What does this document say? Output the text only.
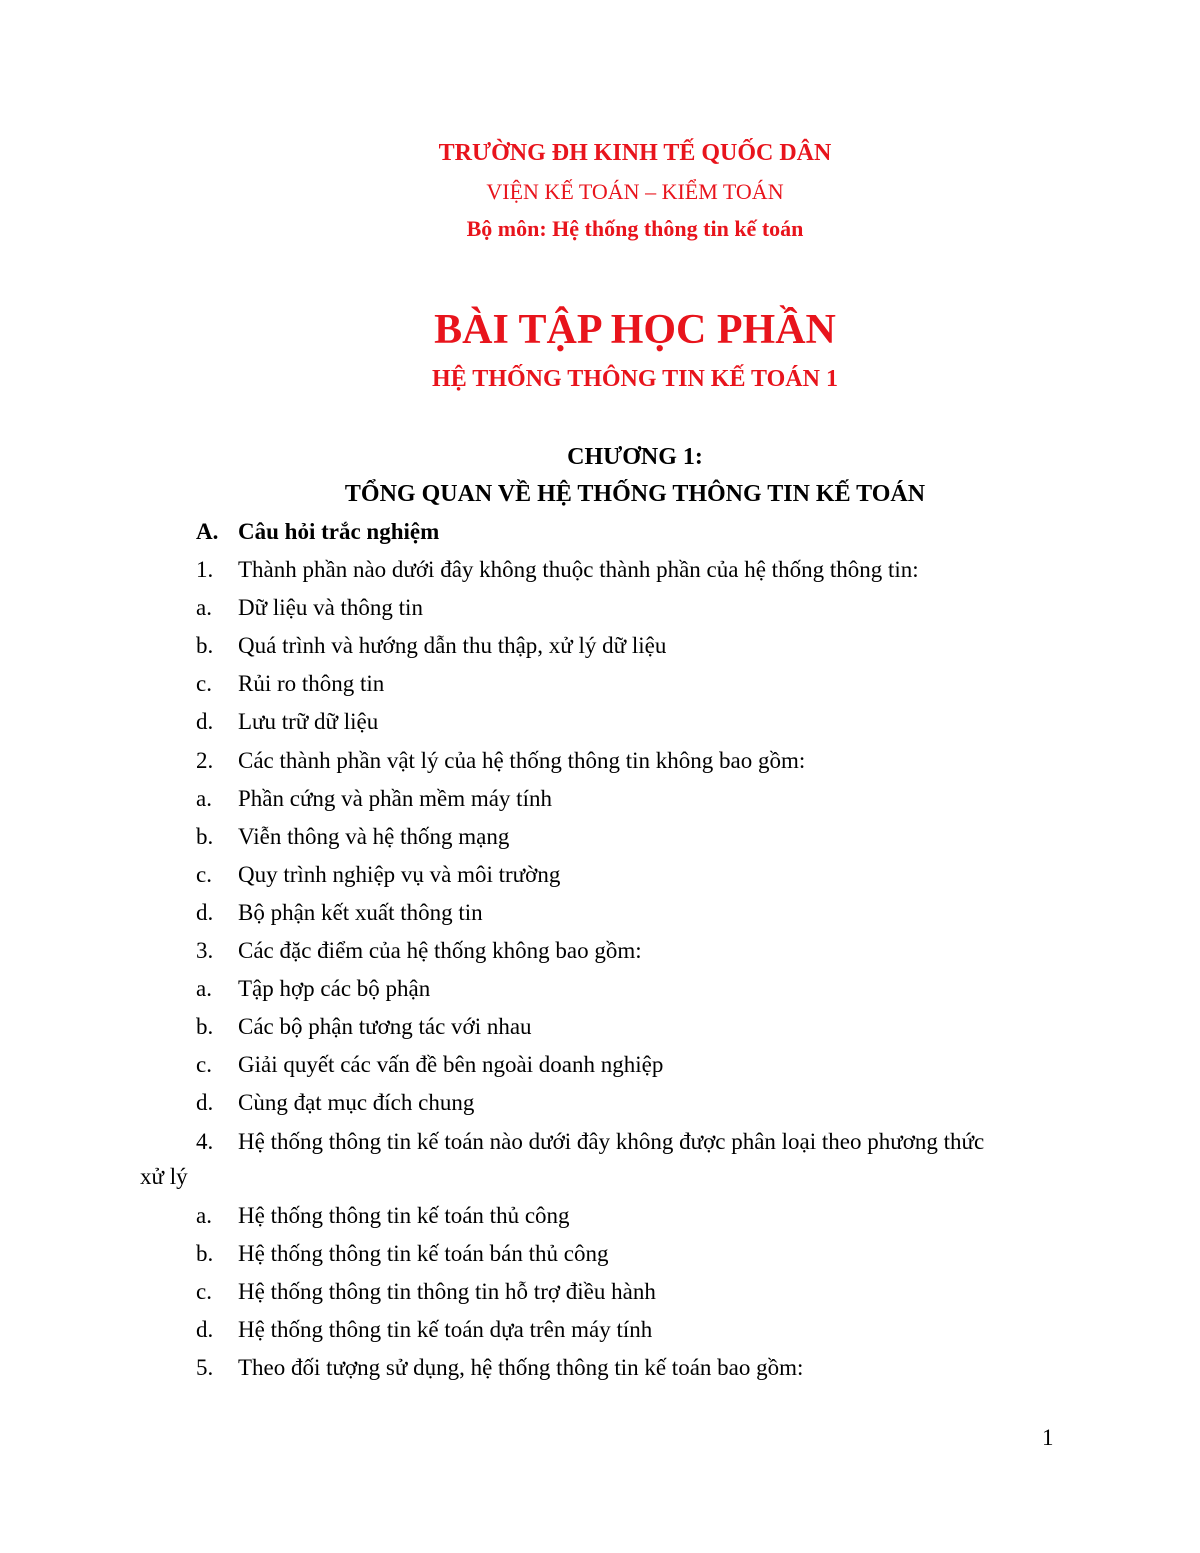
TRƯỜNG ĐH KINH TẾ QUỐC DÂN
VIỆN KẾ TOÁN – KIỂM TOÁN
Bộ môn: Hệ thống thông tin kế toán
BÀI TẬP HỌC PHẦN
HỆ THỐNG THÔNG TIN KẾ TOÁN 1
CHƯƠNG 1:
TỔNG QUAN VỀ HỆ THỐNG THÔNG TIN KẾ TOÁN
A. Câu hỏi trắc nghiệm
1. Thành phần nào dưới đây không thuộc thành phần của hệ thống thông tin:
a. Dữ liệu và thông tin
b. Quá trình và hướng dẫn thu thập, xử lý dữ liệu
c. Rủi ro thông tin
d. Lưu trữ dữ liệu
2. Các thành phần vật lý của hệ thống thông tin không bao gồm:
a. Phần cứng và phần mềm máy tính
b. Viễn thông và hệ thống mạng
c. Quy trình nghiệp vụ và môi trường
d. Bộ phận kết xuất thông tin
3. Các đặc điểm của hệ thống không bao gồm:
a. Tập hợp các bộ phận
b. Các bộ phận tương tác với nhau
c. Giải quyết các vấn đề bên ngoài doanh nghiệp
d. Cùng đạt mục đích chung
4. Hệ thống thông tin kế toán nào dưới đây không được phân loại theo phương thức
xử lý
a. Hệ thống thông tin kế toán thủ công
b. Hệ thống thông tin kế toán bán thủ công
c. Hệ thống thông tin thông tin hỗ trợ điều hành
d. Hệ thống thông tin kế toán dựa trên máy tính
5. Theo đối tượng sử dụng, hệ thống thông tin kế toán bao gồm:
1
